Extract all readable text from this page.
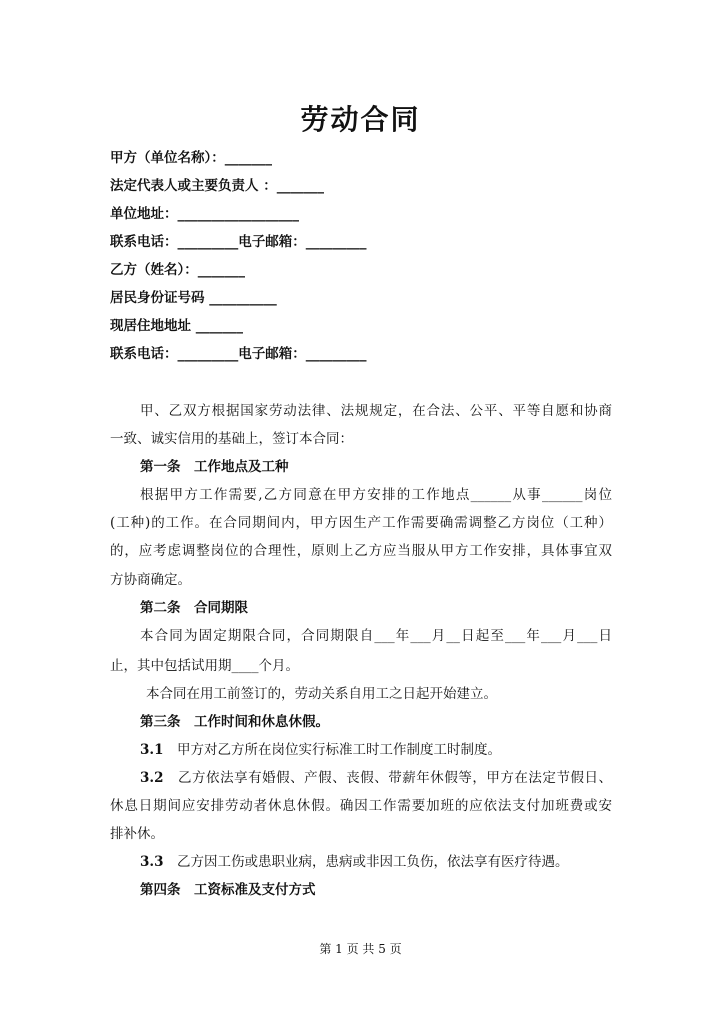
劳动合同
甲方（单位名称）：_______
法定代表人或主要负责人 ：_______
单位地址：__________________
联系电话：_________电子邮箱：_________
乙方（姓名）：_______
居民身份证号码 __________
现居住地地址 _______
联系电话：_________电子邮箱：_________
甲、乙双方根据国家劳动法律、法规规定，在合法、公平、平等自愿和协商
一致、诚实信用的基础上，签订本合同：
第一条　工作地点及工种
根据甲方工作需要,乙方同意在甲方安排的工作地点______从事______岗位
(工种)的工作。在合同期间内，甲方因生产工作需要确需调整乙方岗位（工种）
的，应考虑调整岗位的合理性，原则上乙方应当服从甲方工作安排，具体事宜双
方协商确定。
第二条　合同期限
本合同为固定期限合同，合同期限自___年___月__日起至___年___月___日
止，其中包括试用期____个月。
本合同在用工前签订的，劳动关系自用工之日起开始建立。
第三条　工作时间和休息休假。
3.1　 甲方对乙方所在岗位实行标准工时工作制度工时制度。
3.2　 乙方依法享有婚假、产假、丧假、带薪年休假等，甲方在法定节假日、
休息日期间应安排劳动者休息休假。确因工作需要加班的应依法支付加班费或安
排补休。
3.3　 乙方因工伤或患职业病，患病或非因工负伤，依法享有医疗待遇。
第四条　工资标准及支付方式
第 1 页 共 5 页
